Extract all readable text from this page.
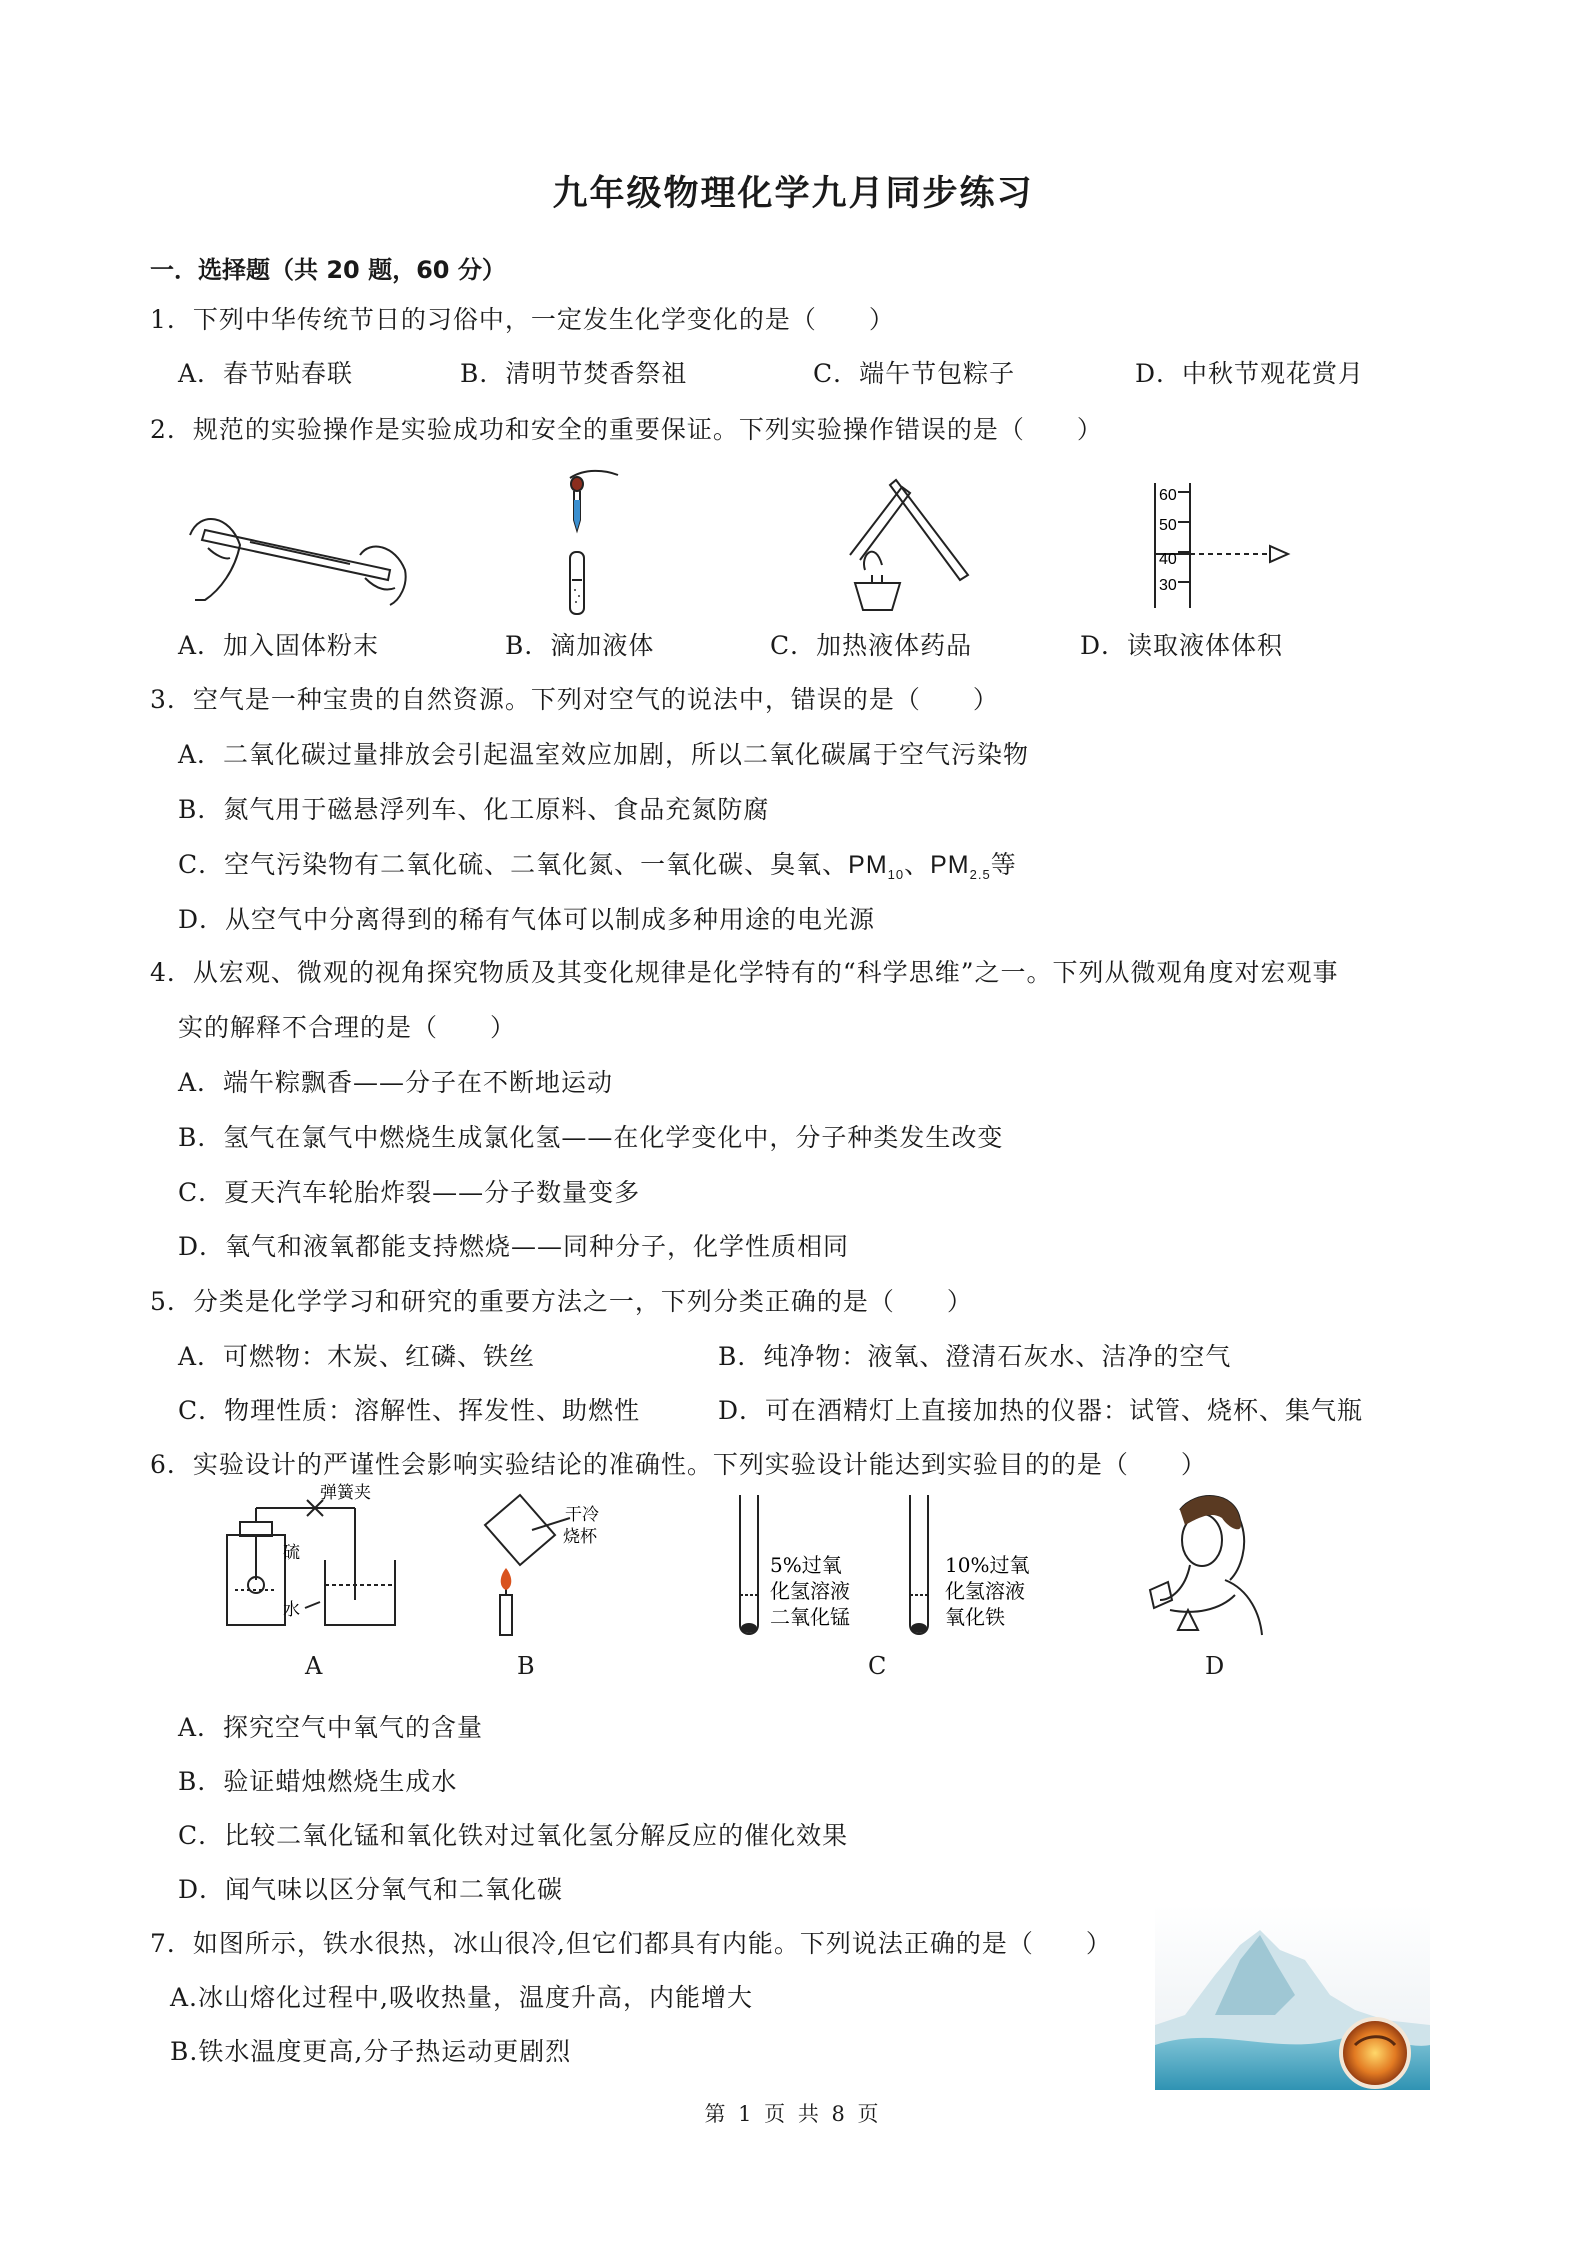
九年级物理化学九月同步练习
一．选择题（共 20 题，60 分）
1．下列中华传统节日的习俗中，一定发生化学变化的是（　　）
A．春节贴春联	B．清明节焚香祭祖	C．端午节包粽子	D．中秋节观花赏月
2．规范的实验操作是实验成功和安全的重要保证。下列实验操作错误的是（　　）
60
50
40
30
A．加入固体粉末	B．滴加液体	C．加热液体药品	D．读取液体体积
3．空气是一种宝贵的自然资源。下列对空气的说法中，错误的是（　　）
A．二氧化碳过量排放会引起温室效应加剧，所以二氧化碳属于空气污染物
B．氮气用于磁悬浮列车、化工原料、食品充氮防腐
C．空气污染物有二氧化硫、二氧化氮、一氧化碳、臭氧、$PM_{10}$、$PM_{2.5}$等
D．从空气中分离得到的稀有气体可以制成多种用途的电光源
4．从宏观、微观的视角探究物质及其变化规律是化学特有的“科学思维”之一。下列从微观角度对宏观事
实的解释不合理的是（　　）
A．端午粽飘香——分子在不断地运动
B．氢气在氯气中燃烧生成氯化氢——在化学变化中，分子种类发生改变
C．夏天汽车轮胎炸裂——分子数量变多
D．氧气和液氧都能支持燃烧——同种分子，化学性质相同
5．分类是化学学习和研究的重要方法之一，下列分类正确的是（　　）
A．可燃物：木炭、红磷、铁丝	B．纯净物：液氧、澄清石灰水、洁净的空气
C．物理性质：溶解性、挥发性、助燃性	D．可在酒精灯上直接加热的仪器：试管、烧杯、集气瓶
6．实验设计的严谨性会影响实验结论的准确性。下列实验设计能达到实验目的的是（　　）
弹簧夹
硫
水
干冷
烧杯
5%过氧
化氢溶液
二氧化锰
10%过氧
化氢溶液
氧化铁
A	B	C	D
A．探究空气中氧气的含量
B．验证蜡烛燃烧生成水
C．比较二氧化锰和氧化铁对过氧化氢分解反应的催化效果
D．闻气味以区分氧气和二氧化碳
7．如图所示，铁水很热，冰山很冷,但它们都具有内能。下列说法正确的是（　　）
A.冰山熔化过程中,吸收热量，温度升高，内能增大
B.铁水温度更高,分子热运动更剧烈
第 1 页 共 8 页
